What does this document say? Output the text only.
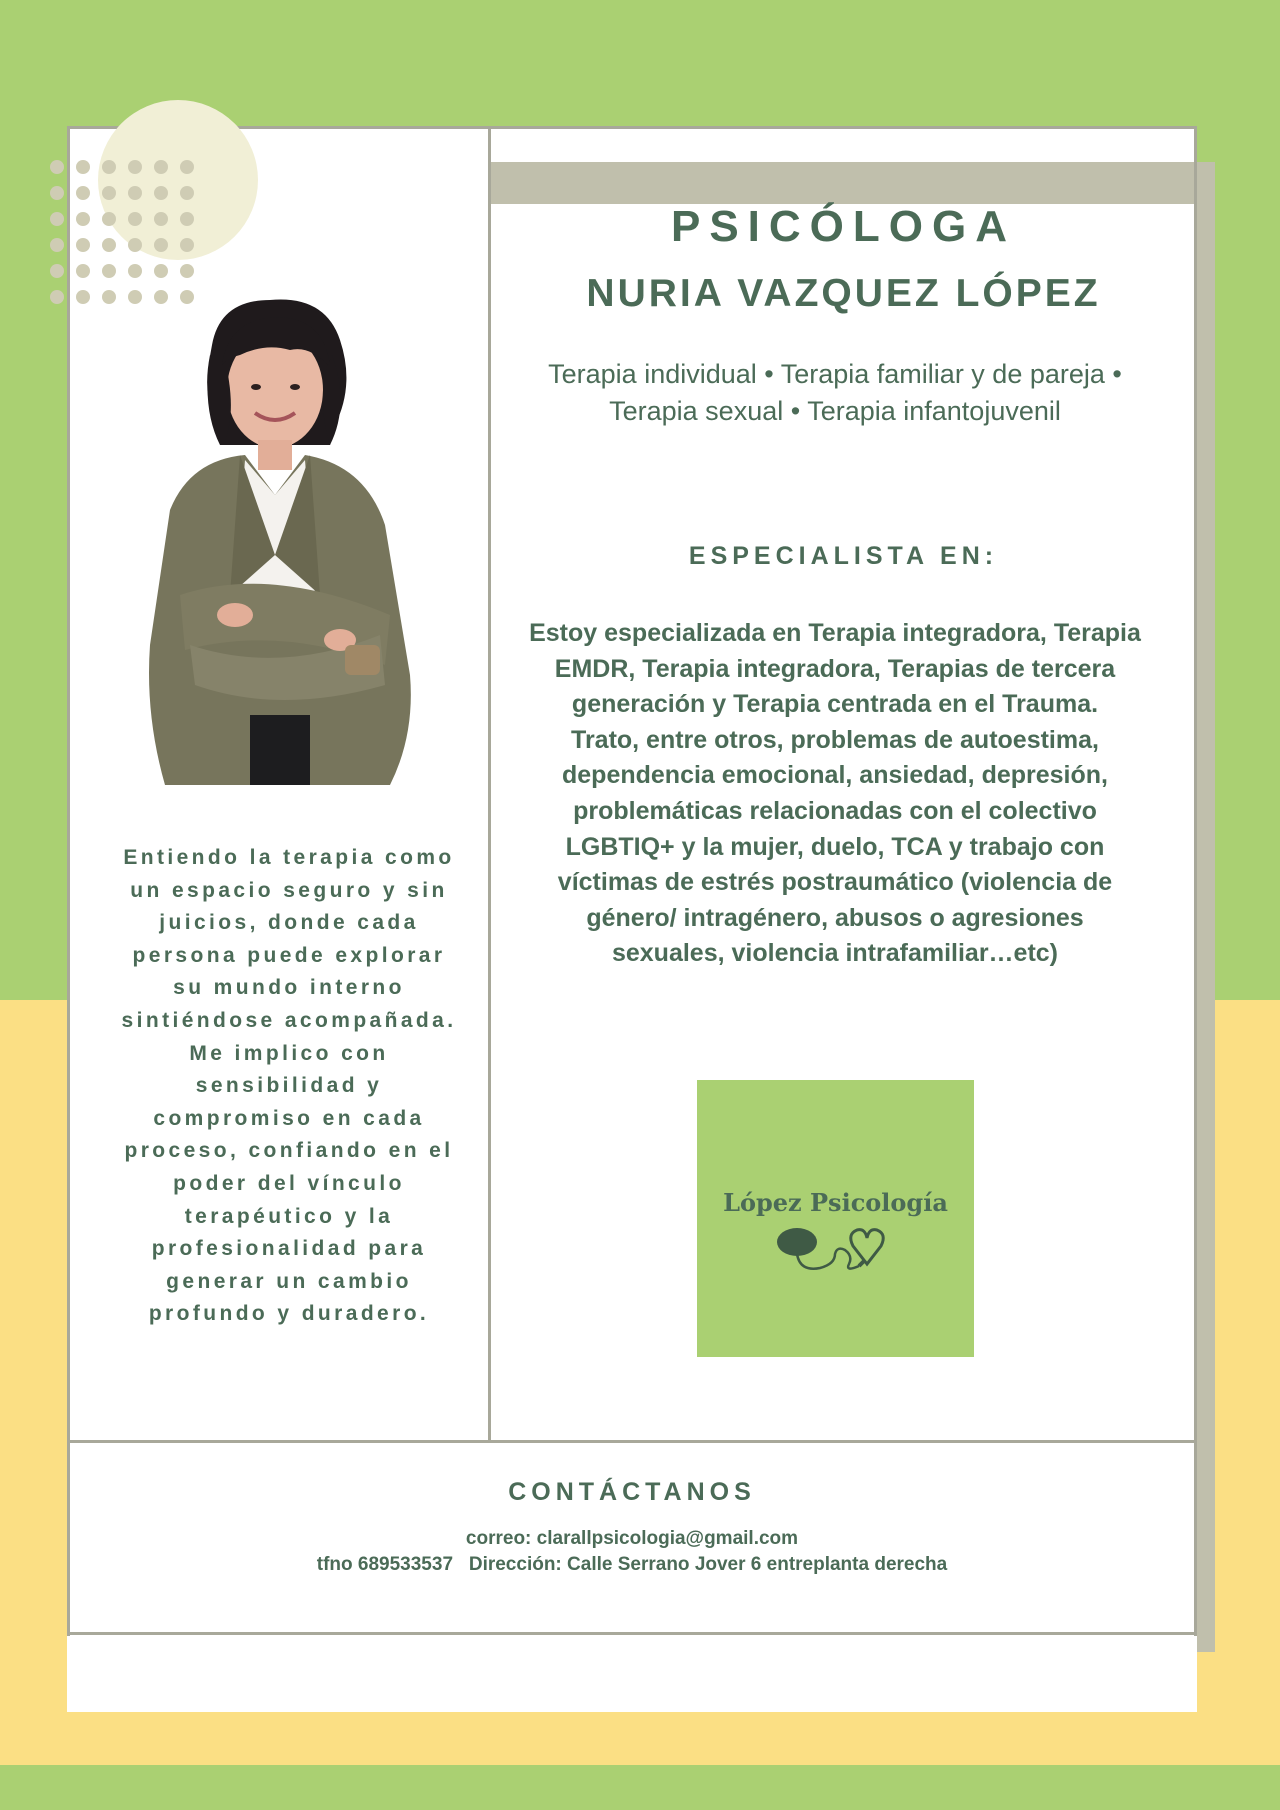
Entiendo la terapia como un espacio seguro y sin juicios, donde cada persona puede explorar su mundo interno sintiéndose acompañada. Me implico con sensibilidad y compromiso en cada proceso, confiando en el poder del vínculo terapéutico y la profesionalidad para generar un cambio profundo y duradero.

PSICÓLOGA
NURIA VAZQUEZ LÓPEZ

Terapia individual • Terapia familiar y de pareja • Terapia sexual • Terapia infantojuvenil

ESPECIALISTA EN:
Estoy especializada en Terapia integradora, Terapia EMDR, Terapia integradora, Terapias de tercera generación y Terapia centrada en el Trauma.
Trato, entre otros, problemas de autoestima, dependencia emocional, ansiedad, depresión, problemáticas relacionadas con el colectivo LGBTIQ+ y la mujer, duelo, TCA y trabajo con víctimas de estrés postraumático (violencia de género/ intragénero, abusos o agresiones sexuales, violencia intrafamiliar…etc)
López Psicología
CONTÁCTANOS

correo: clarallpsicologia@gmail.com

tfno 689533537   Dirección: Calle Serrano Jover 6 entreplanta derecha
